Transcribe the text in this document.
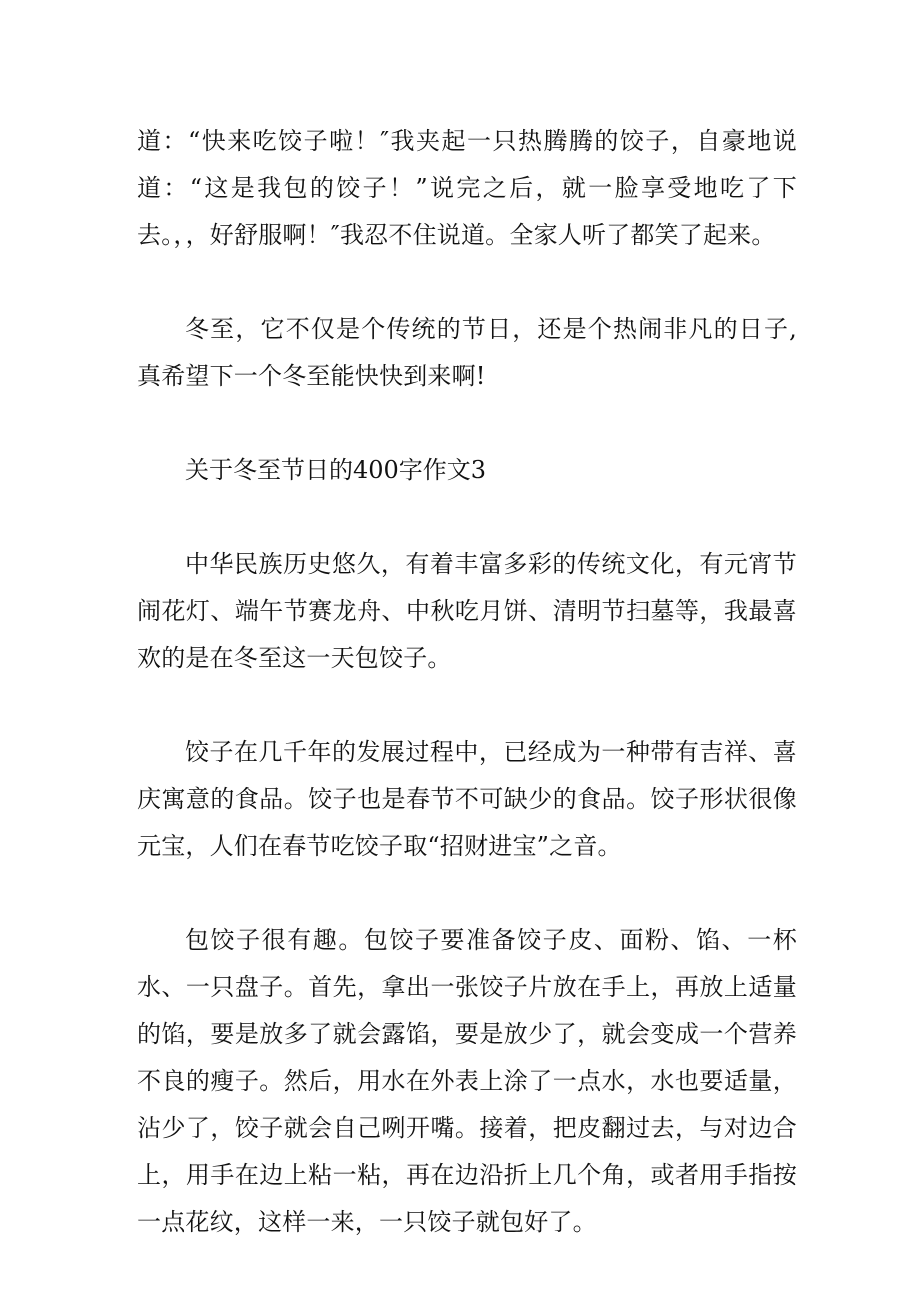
道：“快来吃饺子啦！″我夹起一只热腾腾的饺子，自豪地说道：“这是我包的饺子！”说完之后，就一脸享受地吃了下去。，，好舒服啊！″我忍不住说道。全家人听了都笑了起来。

冬至，它不仅是个传统的节日，还是个热闹非凡的日子,真希望下一个冬至能快快到来啊!

关于冬至节日的400字作文3

中华民族历史悠久，有着丰富多彩的传统文化，有元宵节闹花灯、端午节赛龙舟、中秋吃月饼、清明节扫墓等，我最喜欢的是在冬至这一天包饺子。

饺子在几千年的发展过程中，已经成为一种带有吉祥、喜庆寓意的食品。饺子也是春节不可缺少的食品。饺子形状很像元宝，人们在春节吃饺子取“招财进宝”之音。

包饺子很有趣。包饺子要准备饺子皮、面粉、馅、一杯水、一只盘子。首先，拿出一张饺子片放在手上，再放上适量的馅，要是放多了就会露馅，要是放少了，就会变成一个营养不良的瘦子。然后，用水在外表上涂了一点水，水也要适量，沾少了，饺子就会自己咧开嘴。接着，把皮翻过去，与对边合上，用手在边上粘一粘，再在边沿折上几个角，或者用手指按一点花纹，这样一来，一只饺子就包好了。
